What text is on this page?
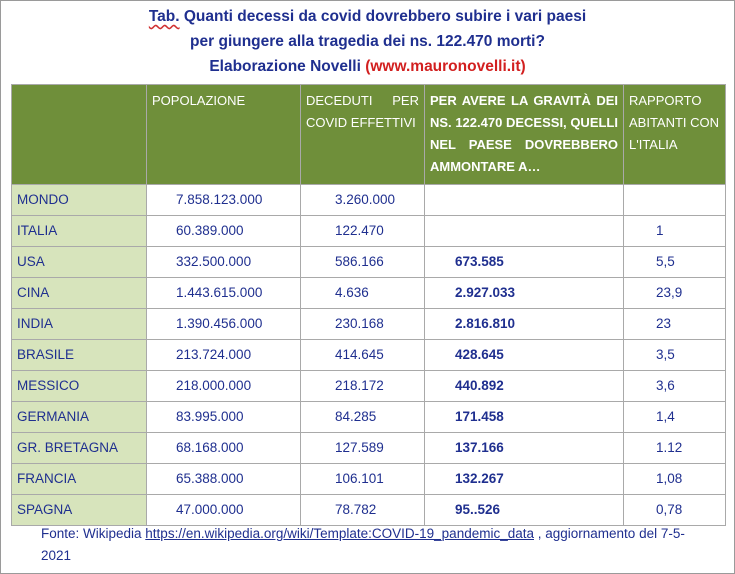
Tab. Quanti decessi da covid dovrebbero subire i vari paesi
per giungere alla tragedia dei ns. 122.470 morti?
Elaborazione Novelli (www.mauronovelli.it)
	POPOLAZIONE	DECEDUTI PER COVID EFFETTIVI	PER AVERE LA GRAVITÀ DEI NS. 122.470 DECESSI, QUELLI NEL PAESE DOVREBBERO AMMONTARE A…	RAPPORTO ABITANTI CON L'ITALIA
MONDO	7.858.123.000	3.260.000		
ITALIA	60.389.000	122.470		1
USA	332.500.000	586.166	673.585	5,5
CINA	1.443.615.000	4.636	2.927.033	23,9
INDIA	1.390.456.000	230.168	2.816.810	23
BRASILE	213.724.000	414.645	428.645	3,5
MESSICO	218.000.000	218.172	440.892	3,6
GERMANIA	83.995.000	84.285	171.458	1,4
GR. BRETAGNA	68.168.000	127.589	137.166	1.12
FRANCIA	65.388.000	106.101	132.267	1,08
SPAGNA	47.000.000	78.782	95..526	0,78
Fonte: Wikipedia https://en.wikipedia.org/wiki/Template:COVID-19_pandemic_data , aggiornamento del 7-5-2021
